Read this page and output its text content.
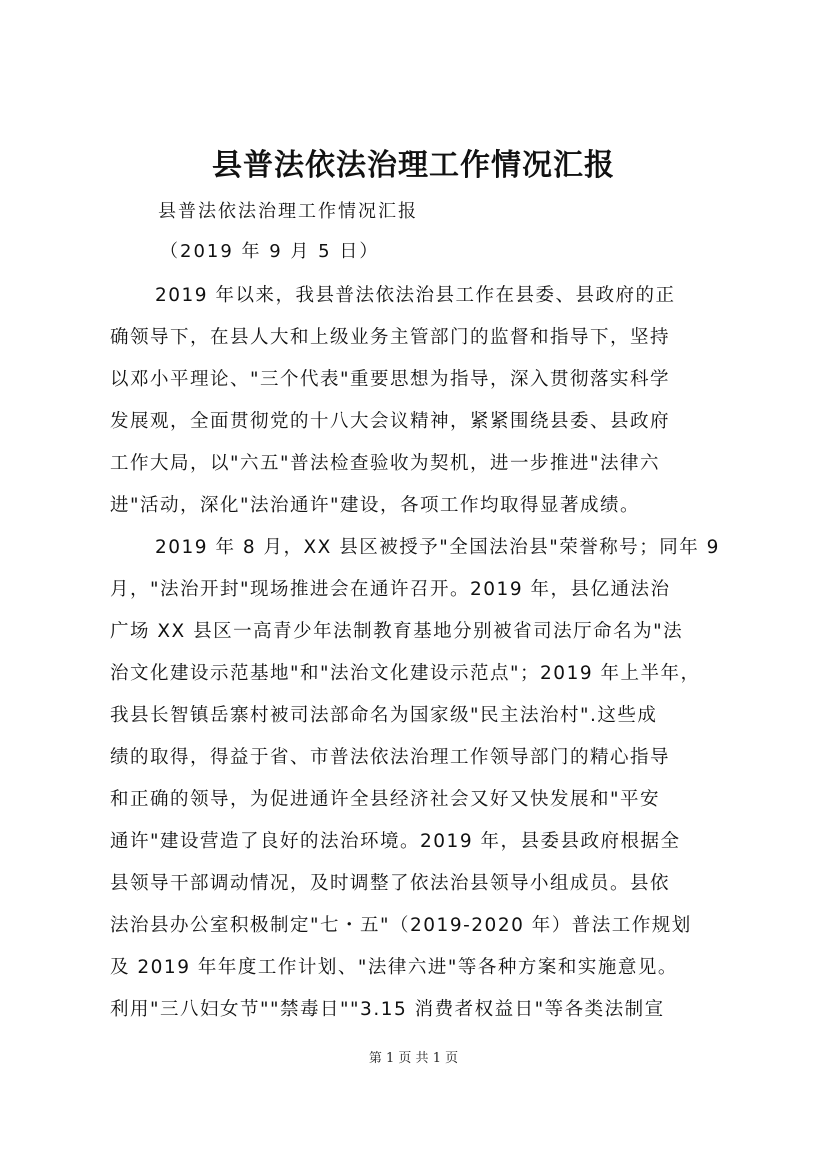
县普法依法治理工作情况汇报

县普法依法治理工作情况汇报

（2019 年 9 月 5 日）

2019 年以来，我县普法依法治县工作在县委、县政府的正

确领导下，在县人大和上级业务主管部门的监督和指导下，坚持

以邓小平理论、"三个代表"重要思想为指导，深入贯彻落实科学

发展观，全面贯彻党的十八大会议精神，紧紧围绕县委、县政府

工作大局，以"六五"普法检查验收为契机，进一步推进"法律六

进"活动，深化"法治通许"建设，各项工作均取得显著成绩。

2019 年 8 月，XX 县区被授予"全国法治县"荣誉称号；同年 9

月，"法治开封"现场推进会在通许召开。2019 年，县亿通法治

广场 XX 县区一高青少年法制教育基地分别被省司法厅命名为"法

治文化建设示范基地"和"法治文化建设示范点"；2019 年上半年，

我县长智镇岳寨村被司法部命名为国家级"民主法治村".这些成

绩的取得，得益于省、市普法依法治理工作领导部门的精心指导

和正确的领导，为促进通许全县经济社会又好又快发展和"平安

通许"建设营造了良好的法治环境。2019 年，县委县政府根据全

县领导干部调动情况，及时调整了依法治县领导小组成员。县依

法治县办公室积极制定"七・五"（2019-2020 年）普法工作规划

及 2019 年年度工作计划、"法律六进"等各种方案和实施意见。

利用"三八妇女节""禁毒日""3.15 消费者权益日"等各类法制宣

第 1 页 共 1 页
